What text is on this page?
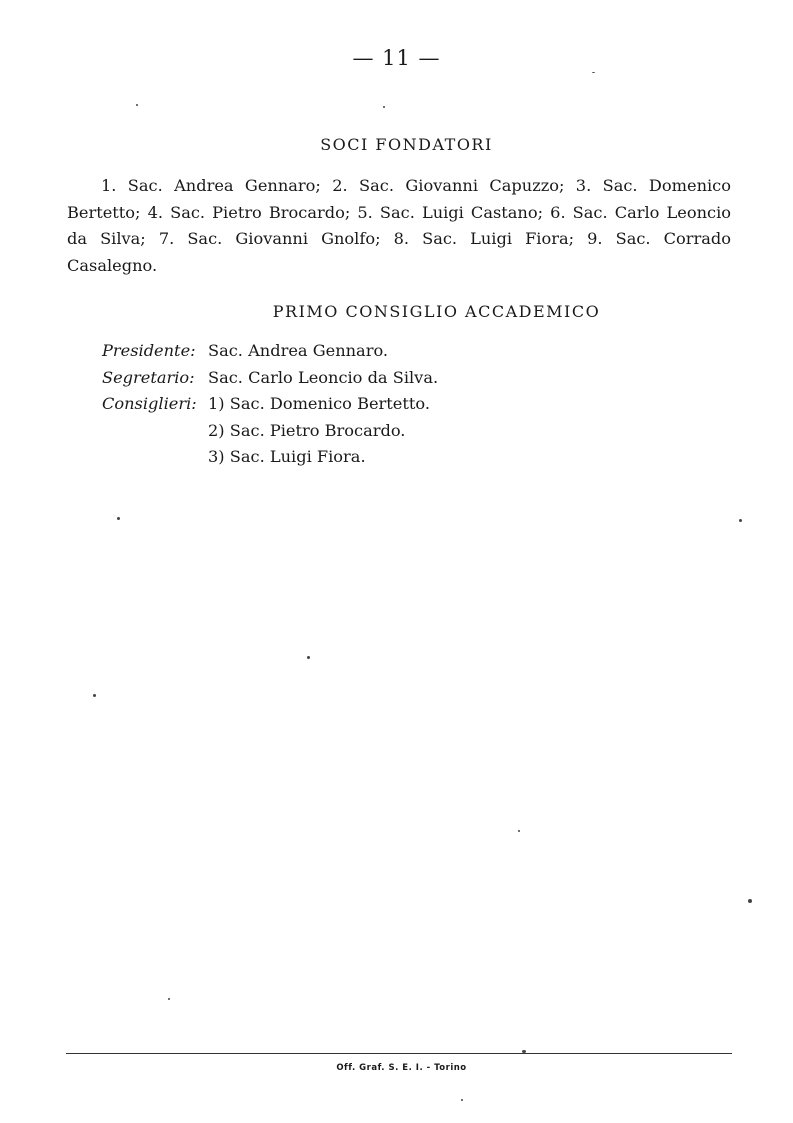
— 11 —
SOCI FONDATORI

1. Sac. Andrea Gennaro; 2. Sac. Giovanni Capuzzo; 3. Sac. Domenico Bertetto; 4. Sac. Pietro Brocardo; 5. Sac. Luigi Castano; 6. Sac. Carlo Leoncio da Silva; 7. Sac. Giovanni Gnolfo; 8. Sac. Luigi Fiora; 9. Sac. Corrado Casalegno.

PRIMO CONSIGLIO ACCADEMICO
Presidente: Sac. Andrea Gennaro.
Segretario: Sac. Carlo Leoncio da Silva.
Consiglieri: 1) Sac. Domenico Bertetto.
2) Sac. Pietro Brocardo.
3) Sac. Luigi Fiora.
Off. Graf. S. E. I. - Torino
